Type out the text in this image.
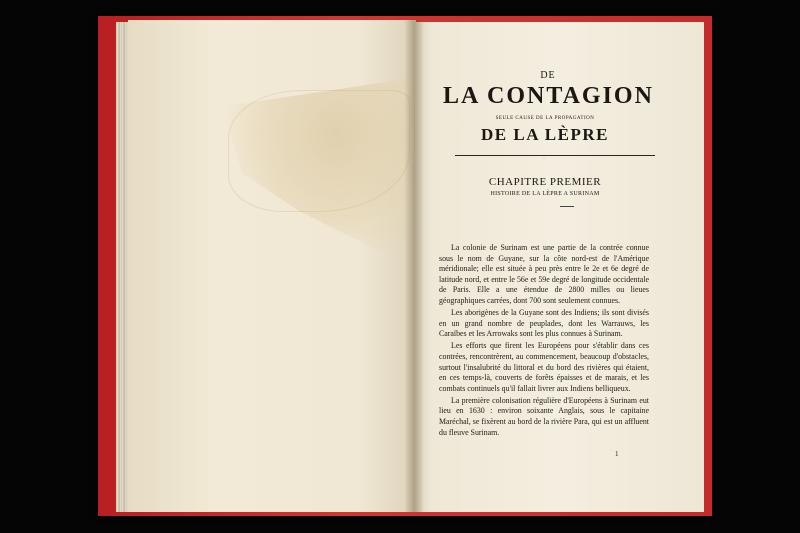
DE
LA CONTAGION
SEULE CAUSE DE LA PROPAGATION
DE LA LÈPRE
·
CHAPITRE PREMIER
HISTOIRE DE LA LÈPRE A SURINAM

La colonie de Surinam est une partie de la contrée connue sous le nom de Guyane, sur la côte nord-est de l'Amérique méridionale; elle est située à peu près entre le 2e et 6e degré de latitude nord, et entre le 56e et 59e degré de longitude occidentale de Paris. Elle a une étendue de 2800 milles ou lieues géographiques carrées, dont 700 sont seulement connues.

Les aborigènes de la Guyane sont des Indiens; ils sont divisés en un grand nombre de peuplades, dont les Warrauws, les Caraïbes et les Arrowaks sont les plus connues à Surinam.

Les efforts que firent les Européens pour s'établir dans ces contrées, rencontrèrent, au commencement, beaucoup d'obstacles, surtout l'insalubrité du littoral et du bord des rivières qui étaient, en ces temps-là, couverts de forêts épaisses et de marais, et les combats continuels qu'il fallait livrer aux Indiens belliqueux.

La première colonisation régulière d'Européens à Surinam eut lieu en 1630 : environ soixante Anglais, sous le capitaine Maréchal, se fixèrent au bord de la rivière Para, qui est un affluent du fleuve Surinam.

1
